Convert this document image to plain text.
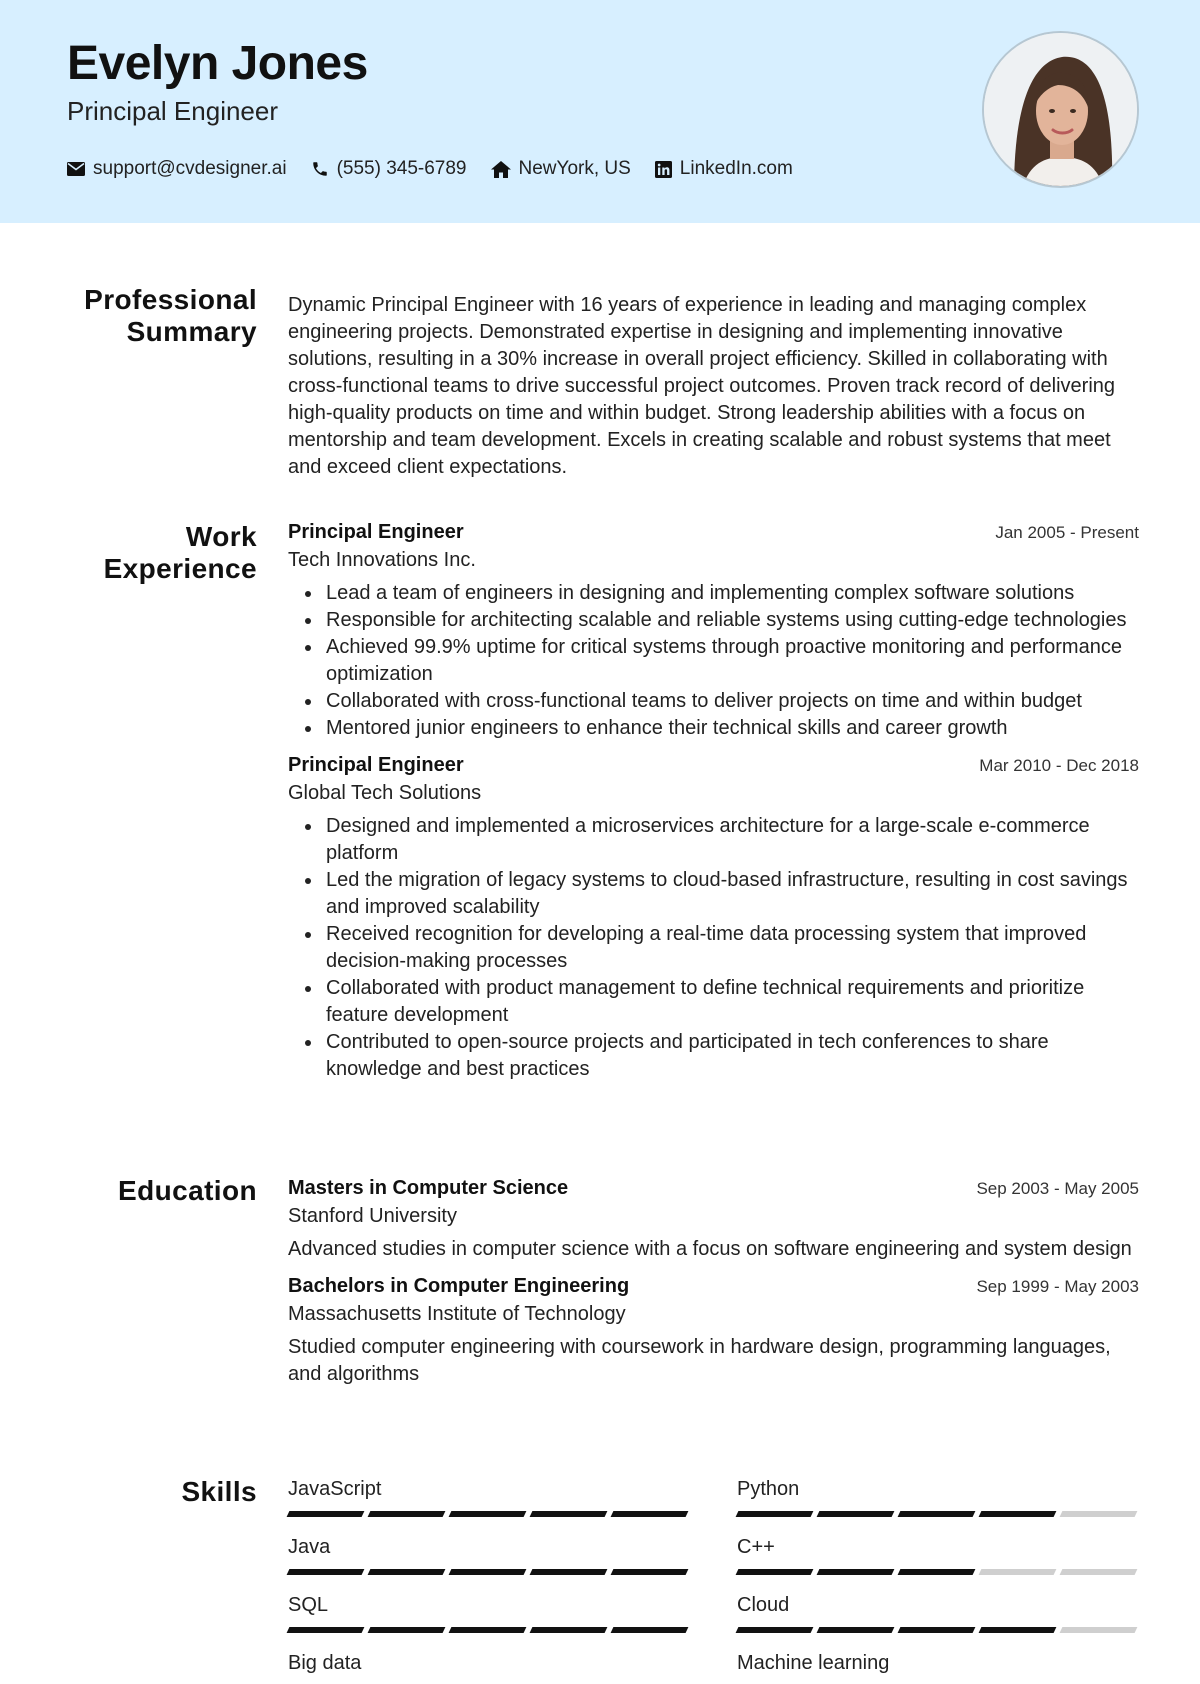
Evelyn Jones
Principal Engineer
support@cvdesigner.ai	(555) 345-6789	NewYork, US	LinkedIn.com
Professional
Summary
Dynamic Principal Engineer with 16 years of experience in leading and managing complex engineering projects. Demonstrated expertise in designing and implementing innovative solutions, resulting in a 30% increase in overall project efficiency. Skilled in collaborating with cross-functional teams to drive successful project outcomes. Proven track record of delivering high-quality products on time and within budget. Strong leadership abilities with a focus on mentorship and team development. Excels in creating scalable and robust systems that meet and exceed client expectations.
Work
Experience
Principal Engineer	Jan 2005 - Present
Tech Innovations Inc.
Lead a team of engineers in designing and implementing complex software solutions
Responsible for architecting scalable and reliable systems using cutting-edge technologies
Achieved 99.9% uptime for critical systems through proactive monitoring and performance optimization
Collaborated with cross-functional teams to deliver projects on time and within budget
Mentored junior engineers to enhance their technical skills and career growth
Principal Engineer	Mar 2010 - Dec 2018
Global Tech Solutions
Designed and implemented a microservices architecture for a large-scale e-commerce platform
Led the migration of legacy systems to cloud-based infrastructure, resulting in cost savings and improved scalability
Received recognition for developing a real-time data processing system that improved decision-making processes
Collaborated with product management to define technical requirements and prioritize feature development
Contributed to open-source projects and participated in tech conferences to share knowledge and best practices
Education Masters in Computer Science	Sep 2003 - May 2005
Stanford University
Advanced studies in computer science with a focus on software engineering and system design
Bachelors in Computer Engineering	Sep 1999 - May 2003
Massachusetts Institute of Technology
Studied computer engineering with coursework in hardware design, programming languages, and algorithms
Skills JavaScript	Python
Java	C++
SQL	Cloud
Big data	Machine learning
